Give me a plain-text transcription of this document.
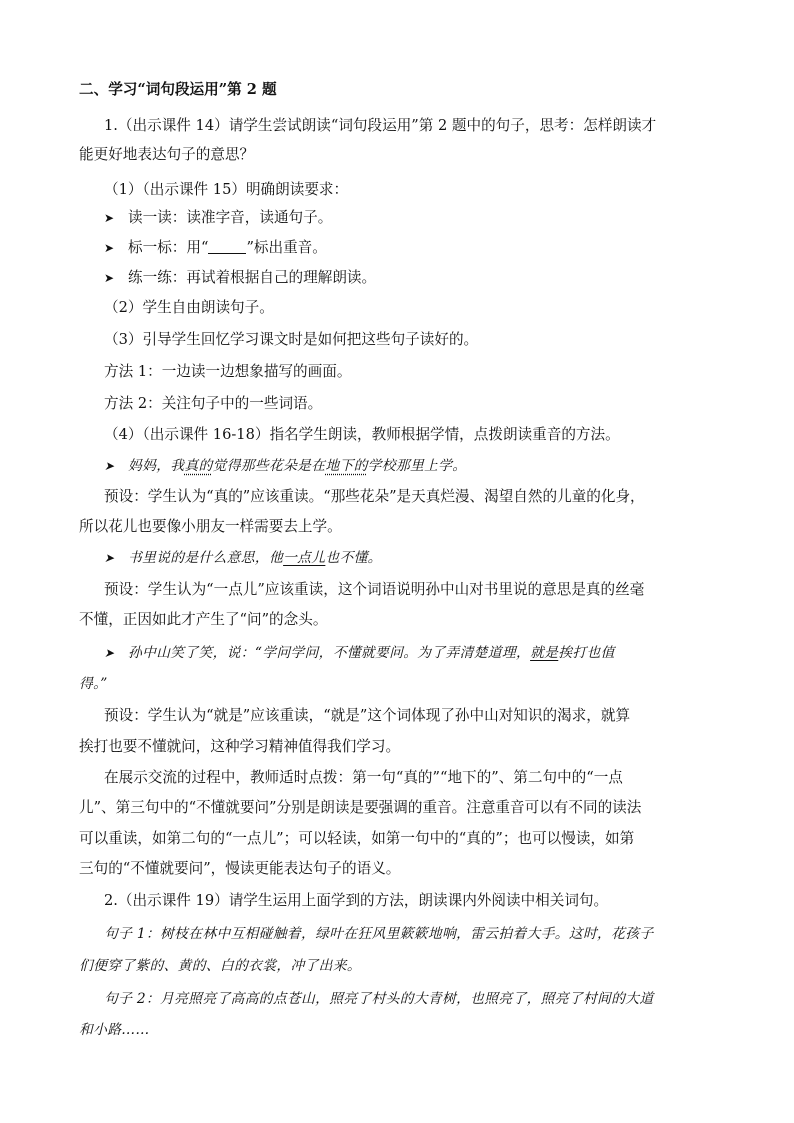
二、学习“词句段运用”第 2 题
1.（出示课件 14）请学生尝试朗读“词句段运用”第 2 题中的句子，思考：怎样朗读才
能更好地表达句子的意思？
（1）（出示课件 15）明确朗读要求：
➤ 读一读：读准字音，读通句子。
➤ 标一标：用“	”标出重音。
➤ 练一练：再试着根据自己的理解朗读。
（2）学生自由朗读句子。
（3）引导学生回忆学习课文时是如何把这些句子读好的。
方法 1：一边读一边想象描写的画面。
方法 2：关注句子中的一些词语。
（4）（出示课件 16-18）指名学生朗读，教师根据学情，点拨朗读重音的方法。
➤ 妈妈，我真的觉得那些花朵是在地下的学校那里上学。
预设：学生认为“真的”应该重读。“那些花朵”是天真烂漫、渴望自然的儿童的化身，
所以花儿也要像小朋友一样需要去上学。
➤ 书里说的是什么意思，他一点儿也不懂。
预设：学生认为“一点儿”应该重读，这个词语说明孙中山对书里说的意思是真的丝毫
不懂，正因如此才产生了“问”的念头。
➤ 孙中山笑了笑，说：“学问学问，不懂就要问。为了弄清楚道理，就是挨打也值
得。”
预设：学生认为“就是”应该重读，“就是”这个词体现了孙中山对知识的渴求，就算
挨打也要不懂就问，这种学习精神值得我们学习。
在展示交流的过程中，教师适时点拨：第一句“真的”“地下的”、第二句中的“一点
儿”、第三句中的“不懂就要问”分别是朗读是要强调的重音。注意重音可以有不同的读法
可以重读，如第二句的“一点儿”；可以轻读，如第一句中的“真的”；也可以慢读，如第
三句的“不懂就要问”，慢读更能表达句子的语义。
2.（出示课件 19）请学生运用上面学到的方法，朗读课内外阅读中相关词句。
句子 1：树枝在林中互相碰触着，绿叶在狂风里簌簌地响，雷云拍着大手。这时，花孩子
们便穿了紫的、黄的、白的衣裳，冲了出来。
句子 2：月亮照亮了高高的点苍山，照亮了村头的大青树，也照亮了，照亮了村间的大道
和小路……
